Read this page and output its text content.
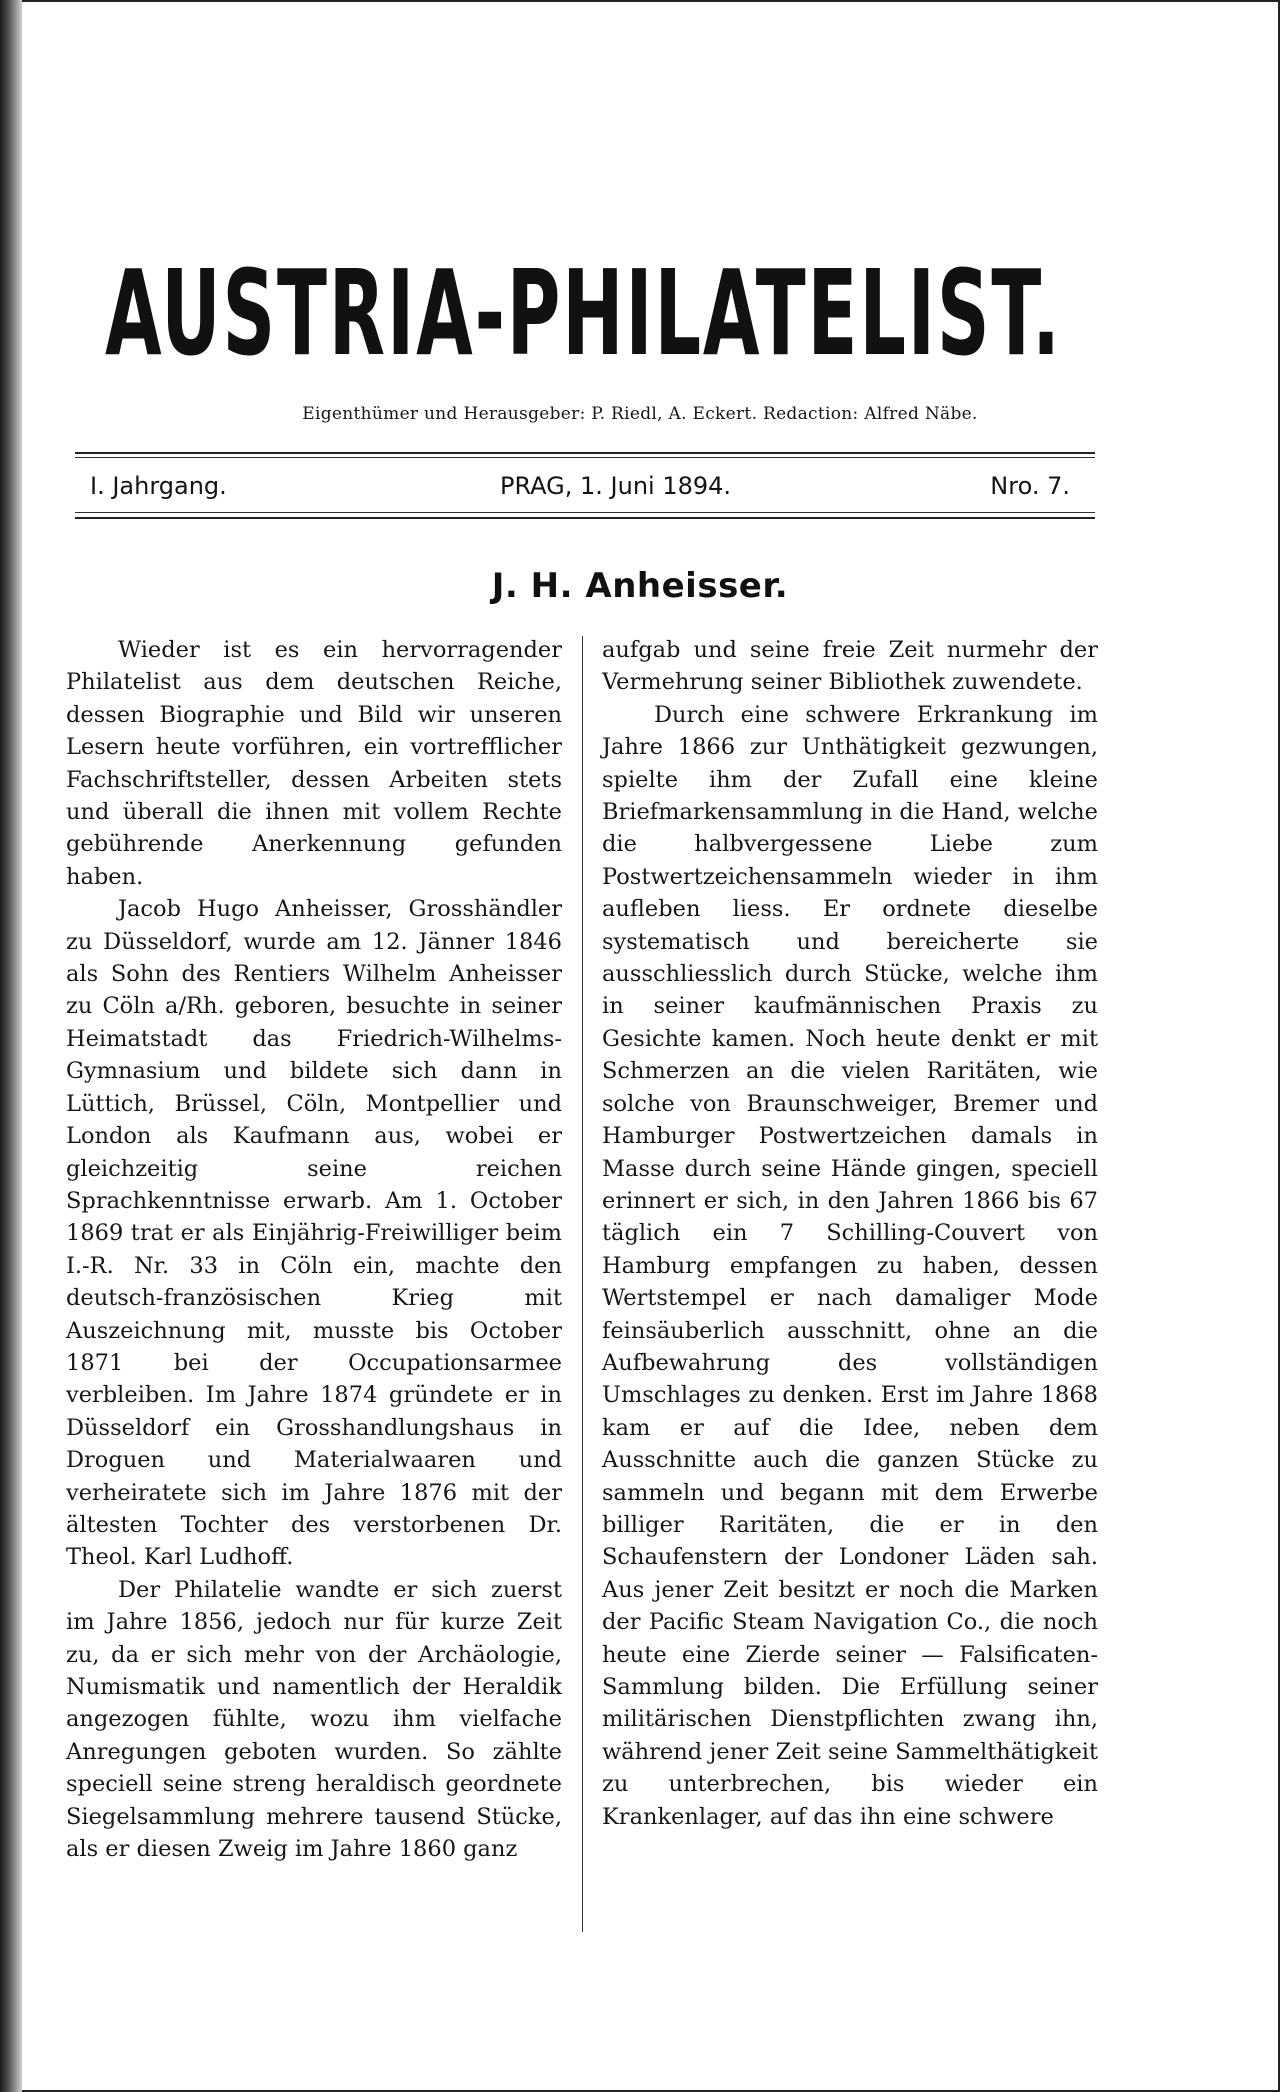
AUSTRIA-PHILATELIST.
Eigenthümer und Herausgeber: P. Riedl, A. Eckert. Redaction: Alfred Näbe.
I. Jahrgang.	PRAG, 1. Juni 1894.	Nro. 7.
J. H. Anheisser.

Wieder ist es ein hervorragender Philatelist aus dem deutschen Reiche, dessen Biographie und Bild wir unseren Lesern heute vorführen, ein vortrefflicher Fachschriftsteller, dessen Arbeiten stets und überall die ihnen mit vollem Rechte gebührende Anerkennung gefunden haben.

Jacob Hugo Anheisser, Grosshändler zu Düsseldorf, wurde am 12. Jänner 1846 als Sohn des Rentiers Wilhelm Anheisser zu Cöln a/Rh. geboren, besuchte in seiner Heimatstadt das Friedrich-Wilhelms-Gymnasium und bildete sich dann in Lüttich, Brüssel, Cöln, Montpellier und London als Kaufmann aus, wobei er gleichzeitig seine reichen Sprachkenntnisse erwarb. Am 1. October 1869 trat er als Einjährig-Freiwilliger beim I.-R. Nr. 33 in Cöln ein, machte den deutsch-französischen Krieg mit Auszeichnung mit, musste bis October 1871 bei der Occupationsarmee verbleiben. Im Jahre 1874 gründete er in Düsseldorf ein Grosshandlungshaus in Droguen und Materialwaaren und verheiratete sich im Jahre 1876 mit der ältesten Tochter des verstorbenen Dr. Theol. Karl Ludhoff.

Der Philatelie wandte er sich zuerst im Jahre 1856, jedoch nur für kurze Zeit zu, da er sich mehr von der Archäologie, Numismatik und namentlich der Heraldik angezogen fühlte, wozu ihm vielfache Anregungen geboten wurden. So zählte speciell seine streng heraldisch geordnete Siegelsammlung mehrere tausend Stücke, als er diesen Zweig im Jahre 1860 ganz

aufgab und seine freie Zeit nurmehr der Vermehrung seiner Bibliothek zuwendete.

Durch eine schwere Erkrankung im Jahre 1866 zur Unthätigkeit gezwungen, spielte ihm der Zufall eine kleine Briefmarkensammlung in die Hand, welche die halbvergessene Liebe zum Postwertzeichensammeln wieder in ihm aufleben liess. Er ordnete dieselbe systematisch und bereicherte sie ausschliesslich durch Stücke, welche ihm in seiner kaufmännischen Praxis zu Gesichte kamen. Noch heute denkt er mit Schmerzen an die vielen Raritäten, wie solche von Braunschweiger, Bremer und Hamburger Postwertzeichen damals in Masse durch seine Hände gingen, speciell erinnert er sich, in den Jahren 1866 bis 67 täglich ein 7 Schilling-Couvert von Hamburg empfangen zu haben, dessen Wertstempel er nach damaliger Mode feinsäuberlich ausschnitt, ohne an die Aufbewahrung des vollständigen Umschlages zu denken. Erst im Jahre 1868 kam er auf die Idee, neben dem Ausschnitte auch die ganzen Stücke zu sammeln und begann mit dem Erwerbe billiger Raritäten, die er in den Schaufenstern der Londoner Läden sah. Aus jener Zeit besitzt er noch die Marken der Pacific Steam Navigation Co., die noch heute eine Zierde seiner — Falsificaten-Sammlung bilden. Die Erfüllung seiner militärischen Dienstpflichten zwang ihn, während jener Zeit seine Sammelthätigkeit zu unterbrechen, bis wieder ein Krankenlager, auf das ihn eine schwere
